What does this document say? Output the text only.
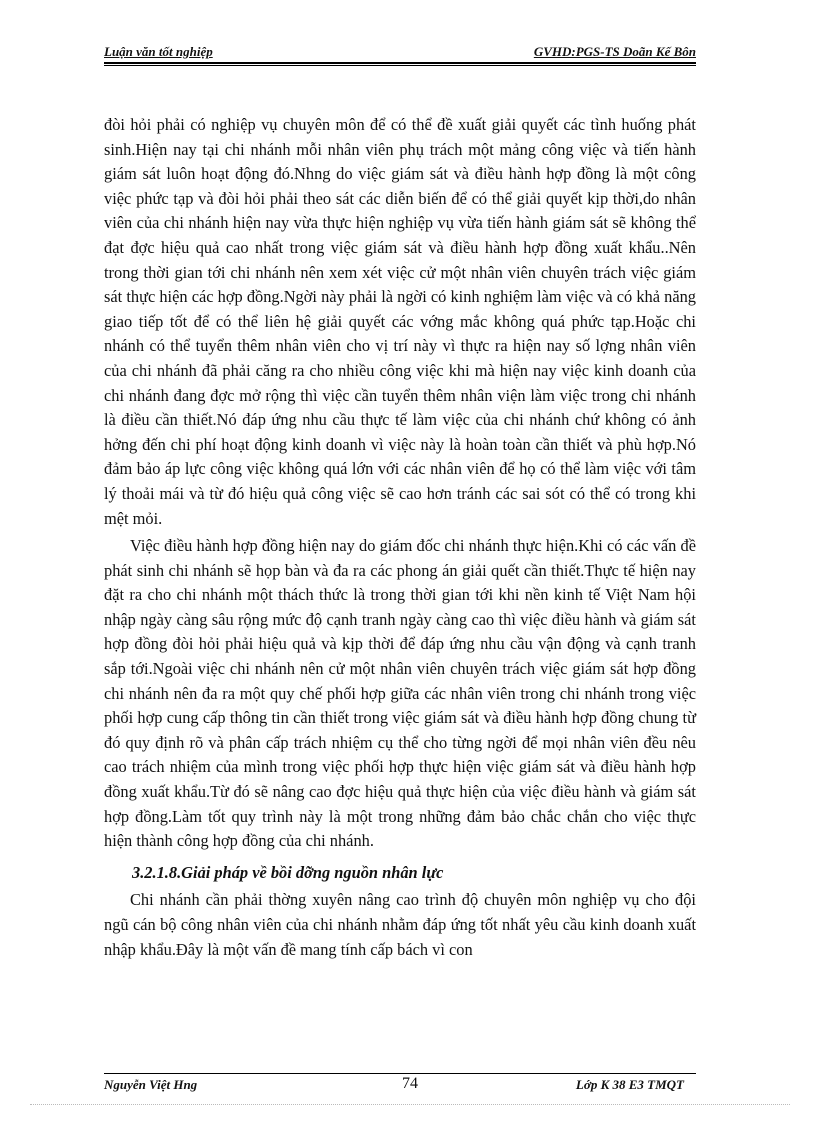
Luận văn tốt nghiệp	GVHD:PGS-TS Doãn Kế Bôn

đòi hỏi phải có nghiệp vụ chuyên môn để có thể đề xuất giải quyết các tình huống phát sinh.Hiện nay tại chi nhánh mỗi nhân viên phụ trách một mảng công việc và tiến hành giám sát luôn hoạt động đó.Nhng do việc giám sát và điều hành hợp đồng là một công việc phức tạp và đòi hỏi phải theo sát các diễn biến để có thể giải quyết kịp thời,do nhân viên của chi nhánh hiện nay vừa thực hiện nghiệp vụ vừa tiến hành giám sát sẽ không thể đạt đợc hiệu quả cao nhất trong việc giám sát và điều hành hợp đồng xuất khẩu..Nên trong thời gian tới chi nhánh nên xem xét việc cử một nhân viên chuyên trách việc giám sát thực hiện các hợp đồng.Ngời này phải là ngời có kinh nghiệm làm việc và có khả năng giao tiếp tốt để có thể liên hệ giải quyết các vớng mắc không quá phức tạp.Hoặc chi nhánh có thể tuyển thêm nhân viên cho vị trí này vì thực ra hiện nay số lợng nhân viên của chi nhánh đã phải căng ra cho nhiều công việc khi mà hiện nay việc kinh doanh của chi nhánh đang đợc mở rộng thì việc cần tuyển thêm nhân viện làm việc trong chi nhánh là điều cần thiết.Nó đáp ứng nhu cầu thực tế làm việc của chi nhánh chứ không có ảnh hởng đến chi phí hoạt động kinh doanh vì việc này là hoàn toàn cần thiết và phù hợp.Nó đảm bảo áp lực công việc không quá lớn với các nhân viên để họ có thể làm việc với tâm lý thoải mái và từ đó hiệu quả công việc sẽ cao hơn tránh các sai sót có thể có trong khi mệt mỏi.

Việc điều hành hợp đồng hiện nay do giám đốc chi nhánh thực hiện.Khi có các vấn đề phát sinh chi nhánh sẽ họp bàn và đa ra các phong án giải quết cần thiết.Thực tế hiện nay đặt ra cho chi nhánh một thách thức là trong thời gian tới khi nền kinh tế Việt Nam hội nhập ngày càng sâu rộng mức độ cạnh tranh ngày càng cao thì việc điều hành và giám sát hợp đồng đòi hỏi phải hiệu quả và kịp thời để đáp ứng nhu cầu vận động và cạnh tranh sắp tới.Ngoài việc chi nhánh nên cử một nhân viên chuyên trách việc giám sát hợp đồng chi nhánh nên đa ra một quy chế phối hợp giữa các nhân viên trong chi nhánh trong việc phối hợp cung cấp thông tin cần thiết trong việc giám sát và điều hành hợp đồng chung từ đó quy định rõ và phân cấp trách nhiệm cụ thể cho từng ngời để mọi nhân viên đều nêu cao trách nhiệm của mình trong việc phối hợp thực hiện việc giám sát và điều hành hợp đồng xuất khẩu.Từ đó sẽ nâng cao đợc hiệu quả thực hiện của việc điều hành và giám sát hợp đồng.Làm tốt quy trình này là một trong những đảm bảo chắc chắn cho việc thực hiện thành công hợp đồng của chi nhánh.

3.2.1.8.Giải pháp về bồi dỡng nguồn nhân lực

Chi nhánh cần phải thờng xuyên nâng cao trình độ chuyên môn nghiệp vụ cho đội ngũ cán bộ công nhân viên của chi nhánh nhằm đáp ứng tốt nhất yêu cầu kinh doanh xuất nhập khẩu.Đây là một vấn đề mang tính cấp bách vì con

Nguyễn Việt Hng	74	Lớp K 38 E3 TMQT
